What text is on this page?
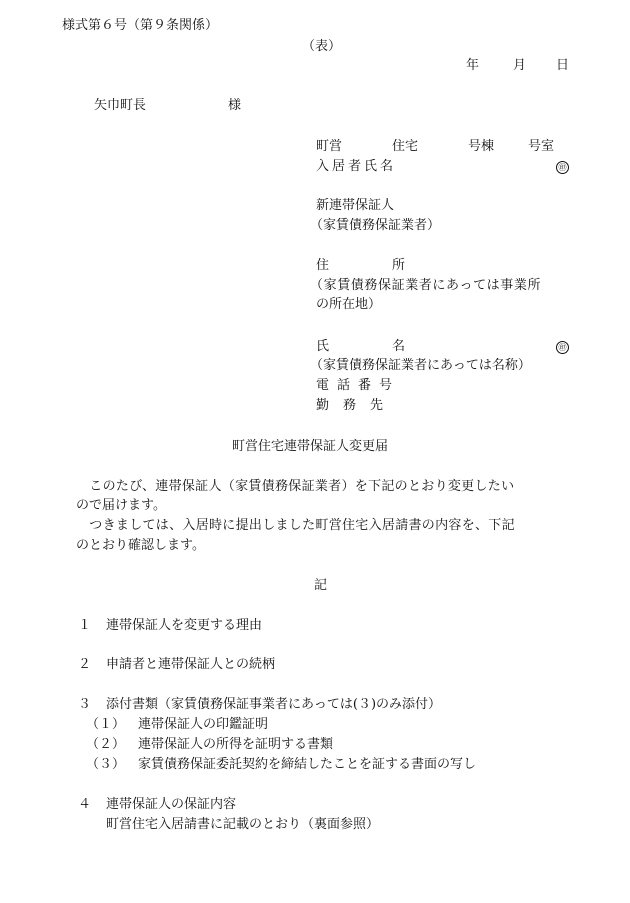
様式第６号（第９条関係）
（表）
年	月 日
矢巾町長	様
町営	住宅	号棟	号室
入居者氏名	㊞
新連帯保証人
（家賃債務保証業者）
住	所
（家賃債務保証業者にあっては事業所
の所在地）
氏	名	㊞
（家賃債務保証業者にあっては名称）
電話番号
勤務先
町営住宅連帯保証人変更届
　このたび、連帯保証人（家賃債務保証業者）を下記のとおり変更したい
ので届けます。
　つきましては、入居時に提出しました町営住宅入居請書の内容を、下記
のとおり確認します。
記
１ 連帯保証人を変更する理由
２ 申請者と連帯保証人との続柄
３ 添付書類（家賃債務保証事業者にあっては(３)のみ添付）
（１） 連帯保証人の印鑑証明
（２） 連帯保証人の所得を証明する書類
（３） 家賃債務保証委託契約を締結したことを証する書面の写し
４ 連帯保証人の保証内容
町営住宅入居請書に記載のとおり（裏面参照）
